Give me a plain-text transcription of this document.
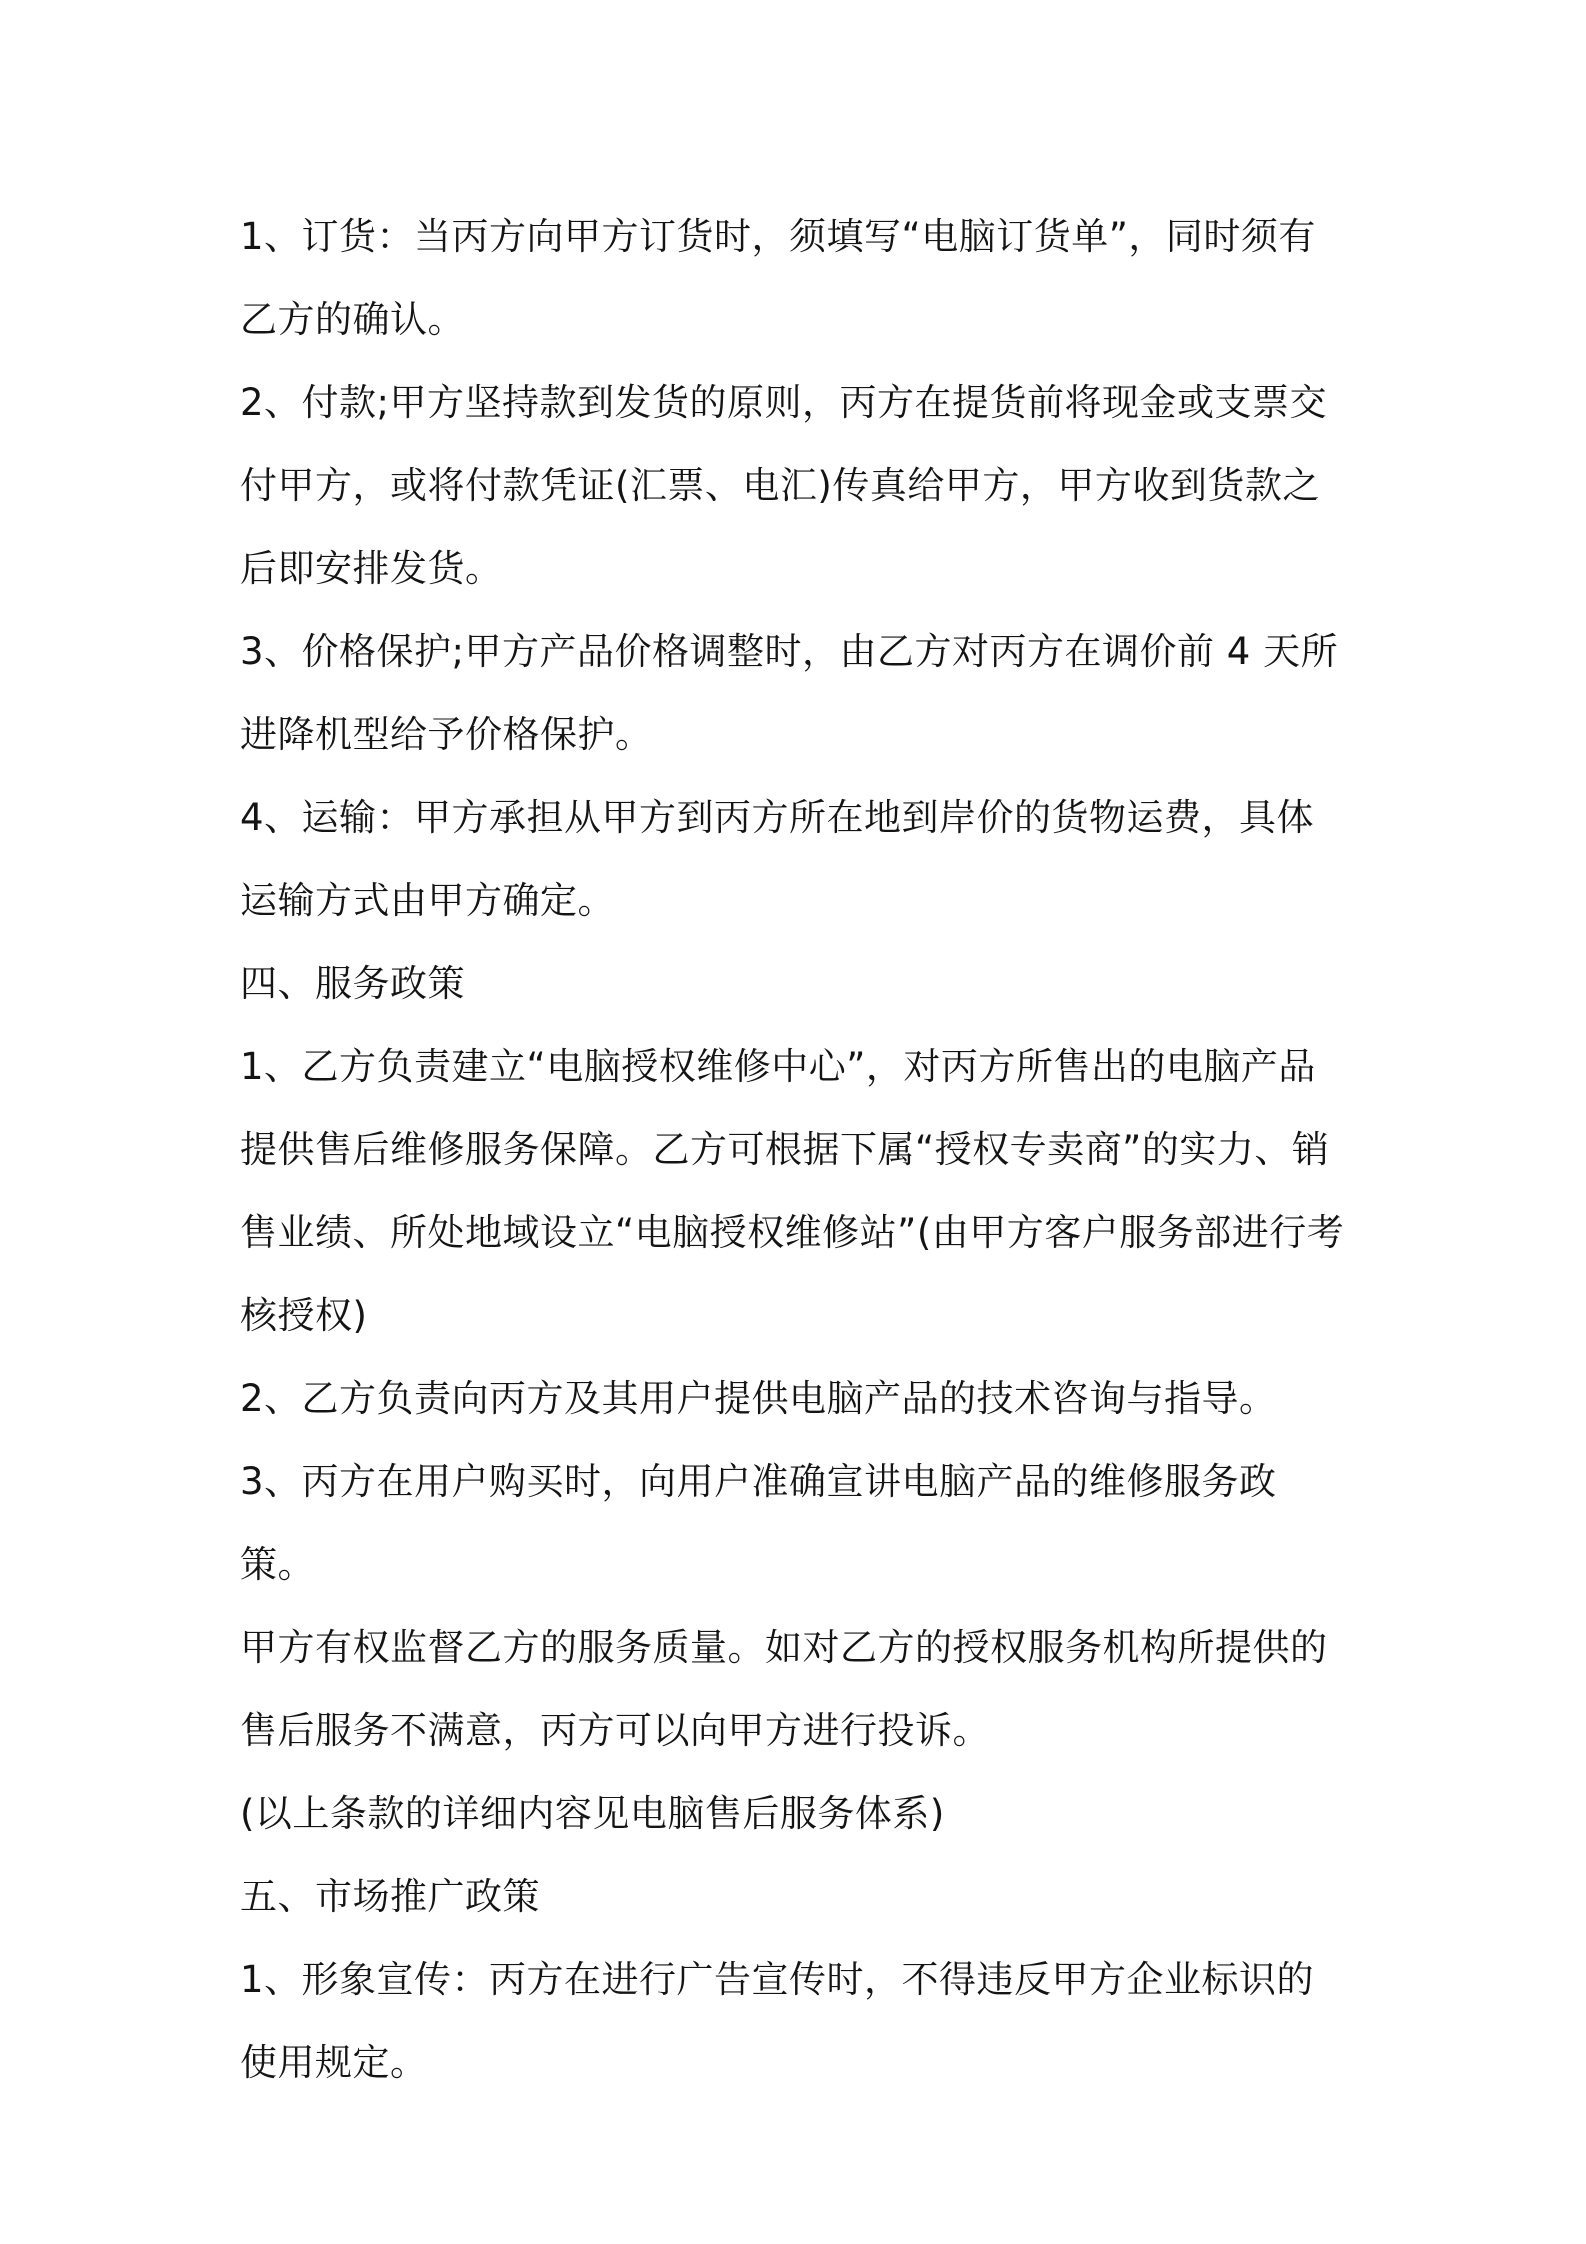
1、订货：当丙方向甲方订货时，须填写“电脑订货单”，同时须有乙方的确认。

2、付款;甲方坚持款到发货的原则，丙方在提货前将现金或支票交付甲方，或将付款凭证(汇票、电汇)传真给甲方，甲方收到货款之后即安排发货。

3、价格保护;甲方产品价格调整时，由乙方对丙方在调价前 4 天所进降机型给予价格保护。

4、运输：甲方承担从甲方到丙方所在地到岸价的货物运费，具体运输方式由甲方确定。

四、服务政策

1、乙方负责建立“电脑授权维修中心”，对丙方所售出的电脑产品提供售后维修服务保障。乙方可根据下属“授权专卖商”的实力、销售业绩、所处地域设立“电脑授权维修站”(由甲方客户服务部进行考核授权)

2、乙方负责向丙方及其用户提供电脑产品的技术咨询与指导。

3、丙方在用户购买时，向用户准确宣讲电脑产品的维修服务政策。

甲方有权监督乙方的服务质量。如对乙方的授权服务机构所提供的售后服务不满意，丙方可以向甲方进行投诉。

(以上条款的详细内容见电脑售后服务体系)

五、市场推广政策

1、形象宣传：丙方在进行广告宣传时，不得违反甲方企业标识的使用规定。
